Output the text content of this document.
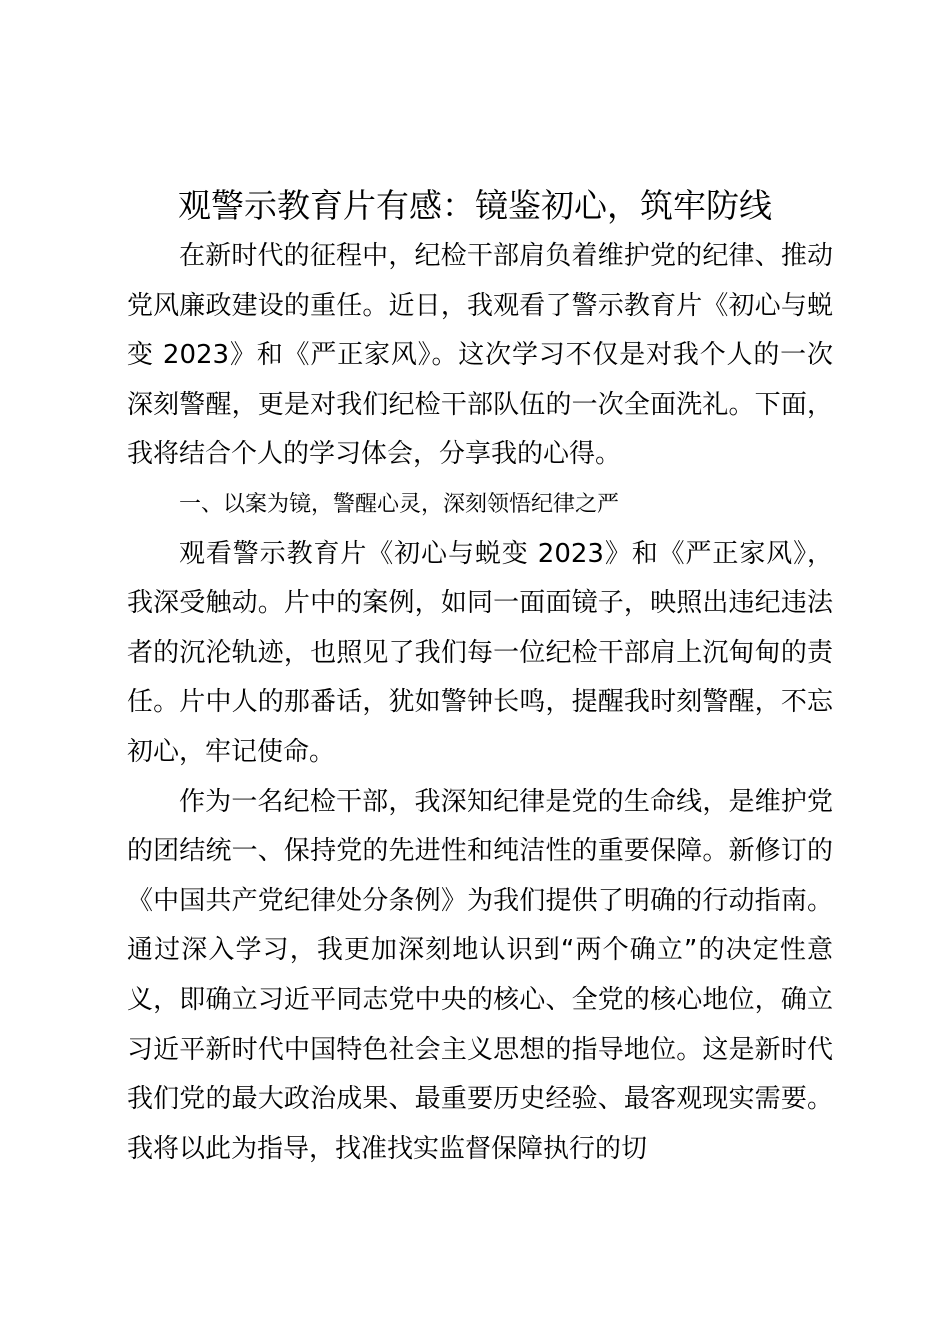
观警示教育片有感：镜鉴初心，筑牢防线

在新时代的征程中，纪检干部肩负着维护党的纪律、推动党风廉政建设的重任。近日，我观看了警示教育片《初心与蜕变 2023》和《严正家风》。这次学习不仅是对我个人的一次深刻警醒，更是对我们纪检干部队伍的一次全面洗礼。下面，我将结合个人的学习体会，分享我的心得。

一、以案为镜，警醒心灵，深刻领悟纪律之严

观看警示教育片《初心与蜕变 2023》和《严正家风》，我深受触动。片中的案例，如同一面面镜子，映照出违纪违法者的沉沦轨迹，也照见了我们每一位纪检干部肩上沉甸甸的责任。片中人的那番话，犹如警钟长鸣，提醒我时刻警醒，不忘初心，牢记使命。

作为一名纪检干部，我深知纪律是党的生命线，是维护党的团结统一、保持党的先进性和纯洁性的重要保障。新修订的《中国共产党纪律处分条例》为我们提供了明确的行动指南。通过深入学习，我更加深刻地认识到“两个确立”的决定性意义，即确立习近平同志党中央的核心、全党的核心地位，确立习近平新时代中国特色社会主义思想的指导地位。这是新时代我们党的最大政治成果、最重要历史经验、最客观现实需要。我将以此为指导，找准找实监督保障执行的切
